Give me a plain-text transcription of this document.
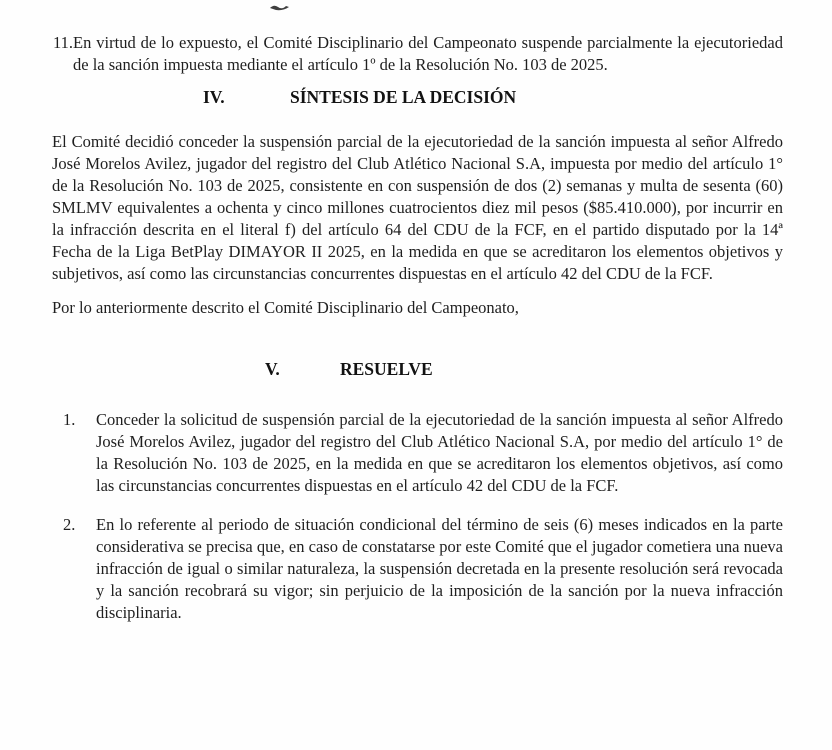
11. En virtud de lo expuesto, el Comité Disciplinario del Campeonato suspende parcialmente la ejecutoriedad de la sanción impuesta mediante el artículo 1º de la Resolución No. 103 de 2025.
IV.	SÍNTESIS DE LA DECISIÓN

El Comité decidió conceder la suspensión parcial de la ejecutoriedad de la sanción impuesta al señor Alfredo José Morelos Avilez, jugador del registro del Club Atlético Nacional S.A, impuesta por medio del artículo 1° de la Resolución No. 103 de 2025, consistente en con suspensión de dos (2) semanas y multa de sesenta (60) SMLMV equivalentes a ochenta y cinco millones cuatrocientos diez mil pesos ($85.410.000), por incurrir en la infracción descrita en el literal f) del artículo 64 del CDU de la FCF, en el partido disputado por la 14ª Fecha de la Liga BetPlay DIMAYOR II 2025, en la medida en que se acreditaron los elementos objetivos y subjetivos, así como las circunstancias concurrentes dispuestas en el artículo 42 del CDU de la FCF.

Por lo anteriormente descrito el Comité Disciplinario del Campeonato,

V.	RESUELVE
1. Conceder la solicitud de suspensión parcial de la ejecutoriedad de la sanción impuesta al señor Alfredo José Morelos Avilez, jugador del registro del Club Atlético Nacional S.A, por medio del artículo 1° de la Resolución No. 103 de 2025, en la medida en que se acreditaron los elementos objetivos, así como las circunstancias concurrentes dispuestas en el artículo 42 del CDU de la FCF.
2. En lo referente al periodo de situación condicional del término de seis (6) meses indicados en la parte considerativa se precisa que, en caso de constatarse por este Comité que el jugador cometiera una nueva infracción de igual o similar naturaleza, la suspensión decretada en la presente resolución será revocada y la sanción recobrará su vigor; sin perjuicio de la imposición de la sanción por la nueva infracción disciplinaria.
